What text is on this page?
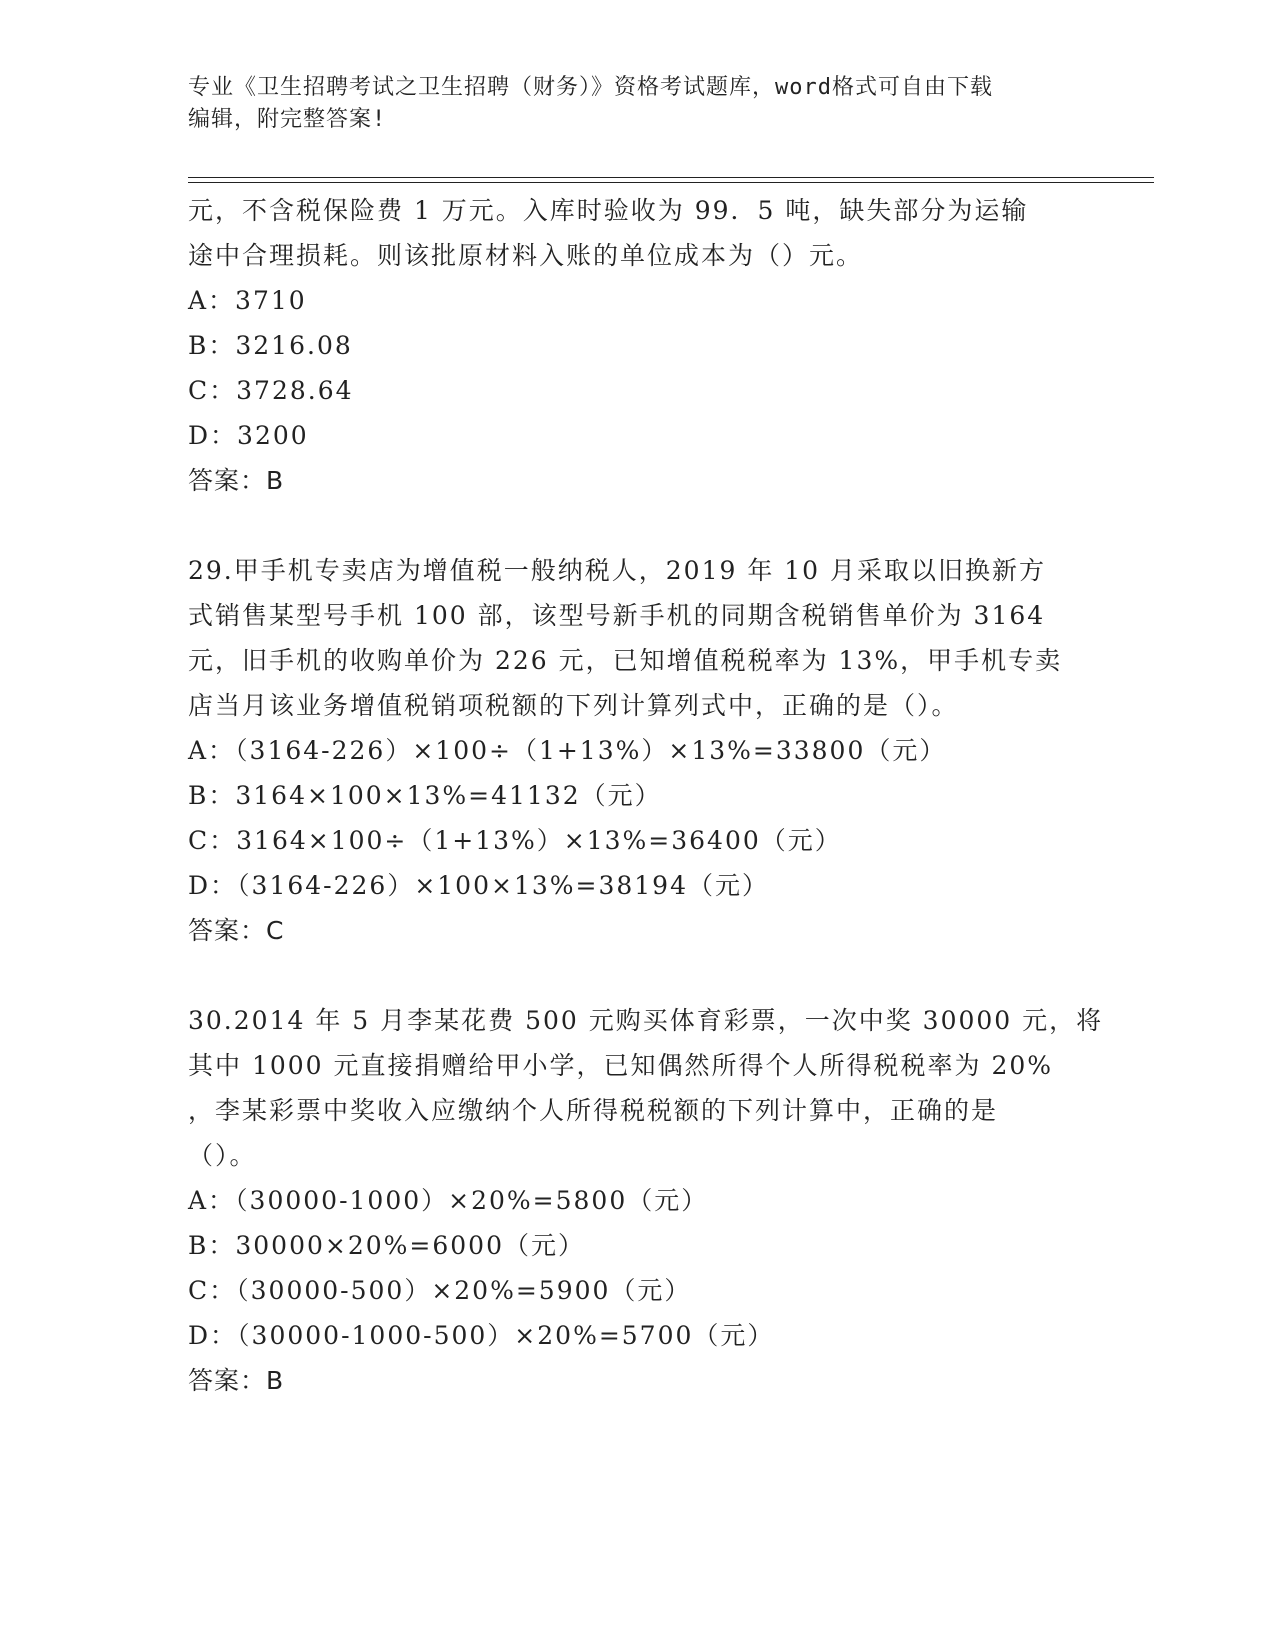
专业《卫生招聘考试之卫生招聘（财务）》资格考试题库，word格式可自由下载
编辑，附完整答案!
元，不含税保险费 1 万元。入库时验收为 99．5 吨，缺失部分为运输
途中合理损耗。则该批原材料入账的单位成本为（）元。
A：3710
B：3216.08
C：3728.64
D：3200
答案：B
29.甲手机专卖店为增值税一般纳税人，2019 年 10 月采取以旧换新方
式销售某型号手机 100 部，该型号新手机的同期含税销售单价为 3164
元，旧手机的收购单价为 226 元，已知增值税税率为 13%，甲手机专卖
店当月该业务增值税销项税额的下列计算列式中，正确的是（）。
A：（3164-226）×100÷（1+13%）×13%=33800（元）
B：3164×100×13%=41132（元）
C：3164×100÷（1+13%）×13%=36400（元）
D：（3164-226）×100×13%=38194（元）
答案：C
30.2014 年 5 月李某花费 500 元购买体育彩票，一次中奖 30000 元，将
其中 1000 元直接捐赠给甲小学，已知偶然所得个人所得税税率为 20%
，李某彩票中奖收入应缴纳个人所得税税额的下列计算中，正确的是
（）。
A：（30000-1000）×20%=5800（元）
B：30000×20%=6000（元）
C：（30000-500）×20%=5900（元）
D：（30000-1000-500）×20%=5700（元）
答案：B
